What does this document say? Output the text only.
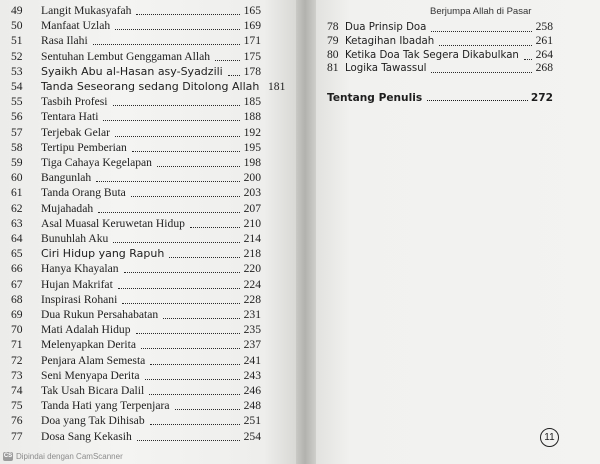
49	Langit Mukasyafah	165
50	Manfaat Uzlah	169
51	Rasa Ilahi	171
52	Sentuhan Lembut Genggaman Allah	175
53	Syaikh Abu al-Hasan asy-Syadzili 178
54	Tanda Seseorang sedang Ditolong Allah 181
55	Tasbih Profesi	185
56	Tentara Hati	188
57	Terjebak Gelar	192
58	Tertipu Pemberian	195
59	Tiga Cahaya Kegelapan	198
60	Bangunlah	200
61	Tanda Orang Buta	203
62	Mujahadah	207
63	Asal Muasal Keruwetan Hidup	210
64	Bunuhlah Aku	214
65	Ciri Hidup yang Rapuh	218
66	Hanya Khayalan	220
67	Hujan Makrifat	224
68	Inspirasi Rohani	228
69	Dua Rukun Persahabatan	231
70	Mati Adalah Hidup	235
71	Melenyapkan Derita	237
72	Penjara Alam Semesta	241
73	Seni Menyapa Derita	243
74	Tak Usah Bicara Dalil	246
75	Tanda Hati yang Terpenjara	248
76	Doa yang Tak Dihisab	251
77	Dosa Sang Kekasih	254
Berjumpa Allah di Pasar
78 Dua Prinsip Doa	258
79 Ketagihan Ibadah	261
80 Ketika Doa Tak Segera Dikabulkan 264
81 Logika Tawassul	268
Tentang Penulis	272
11
CS Dipindai dengan CamScanner
